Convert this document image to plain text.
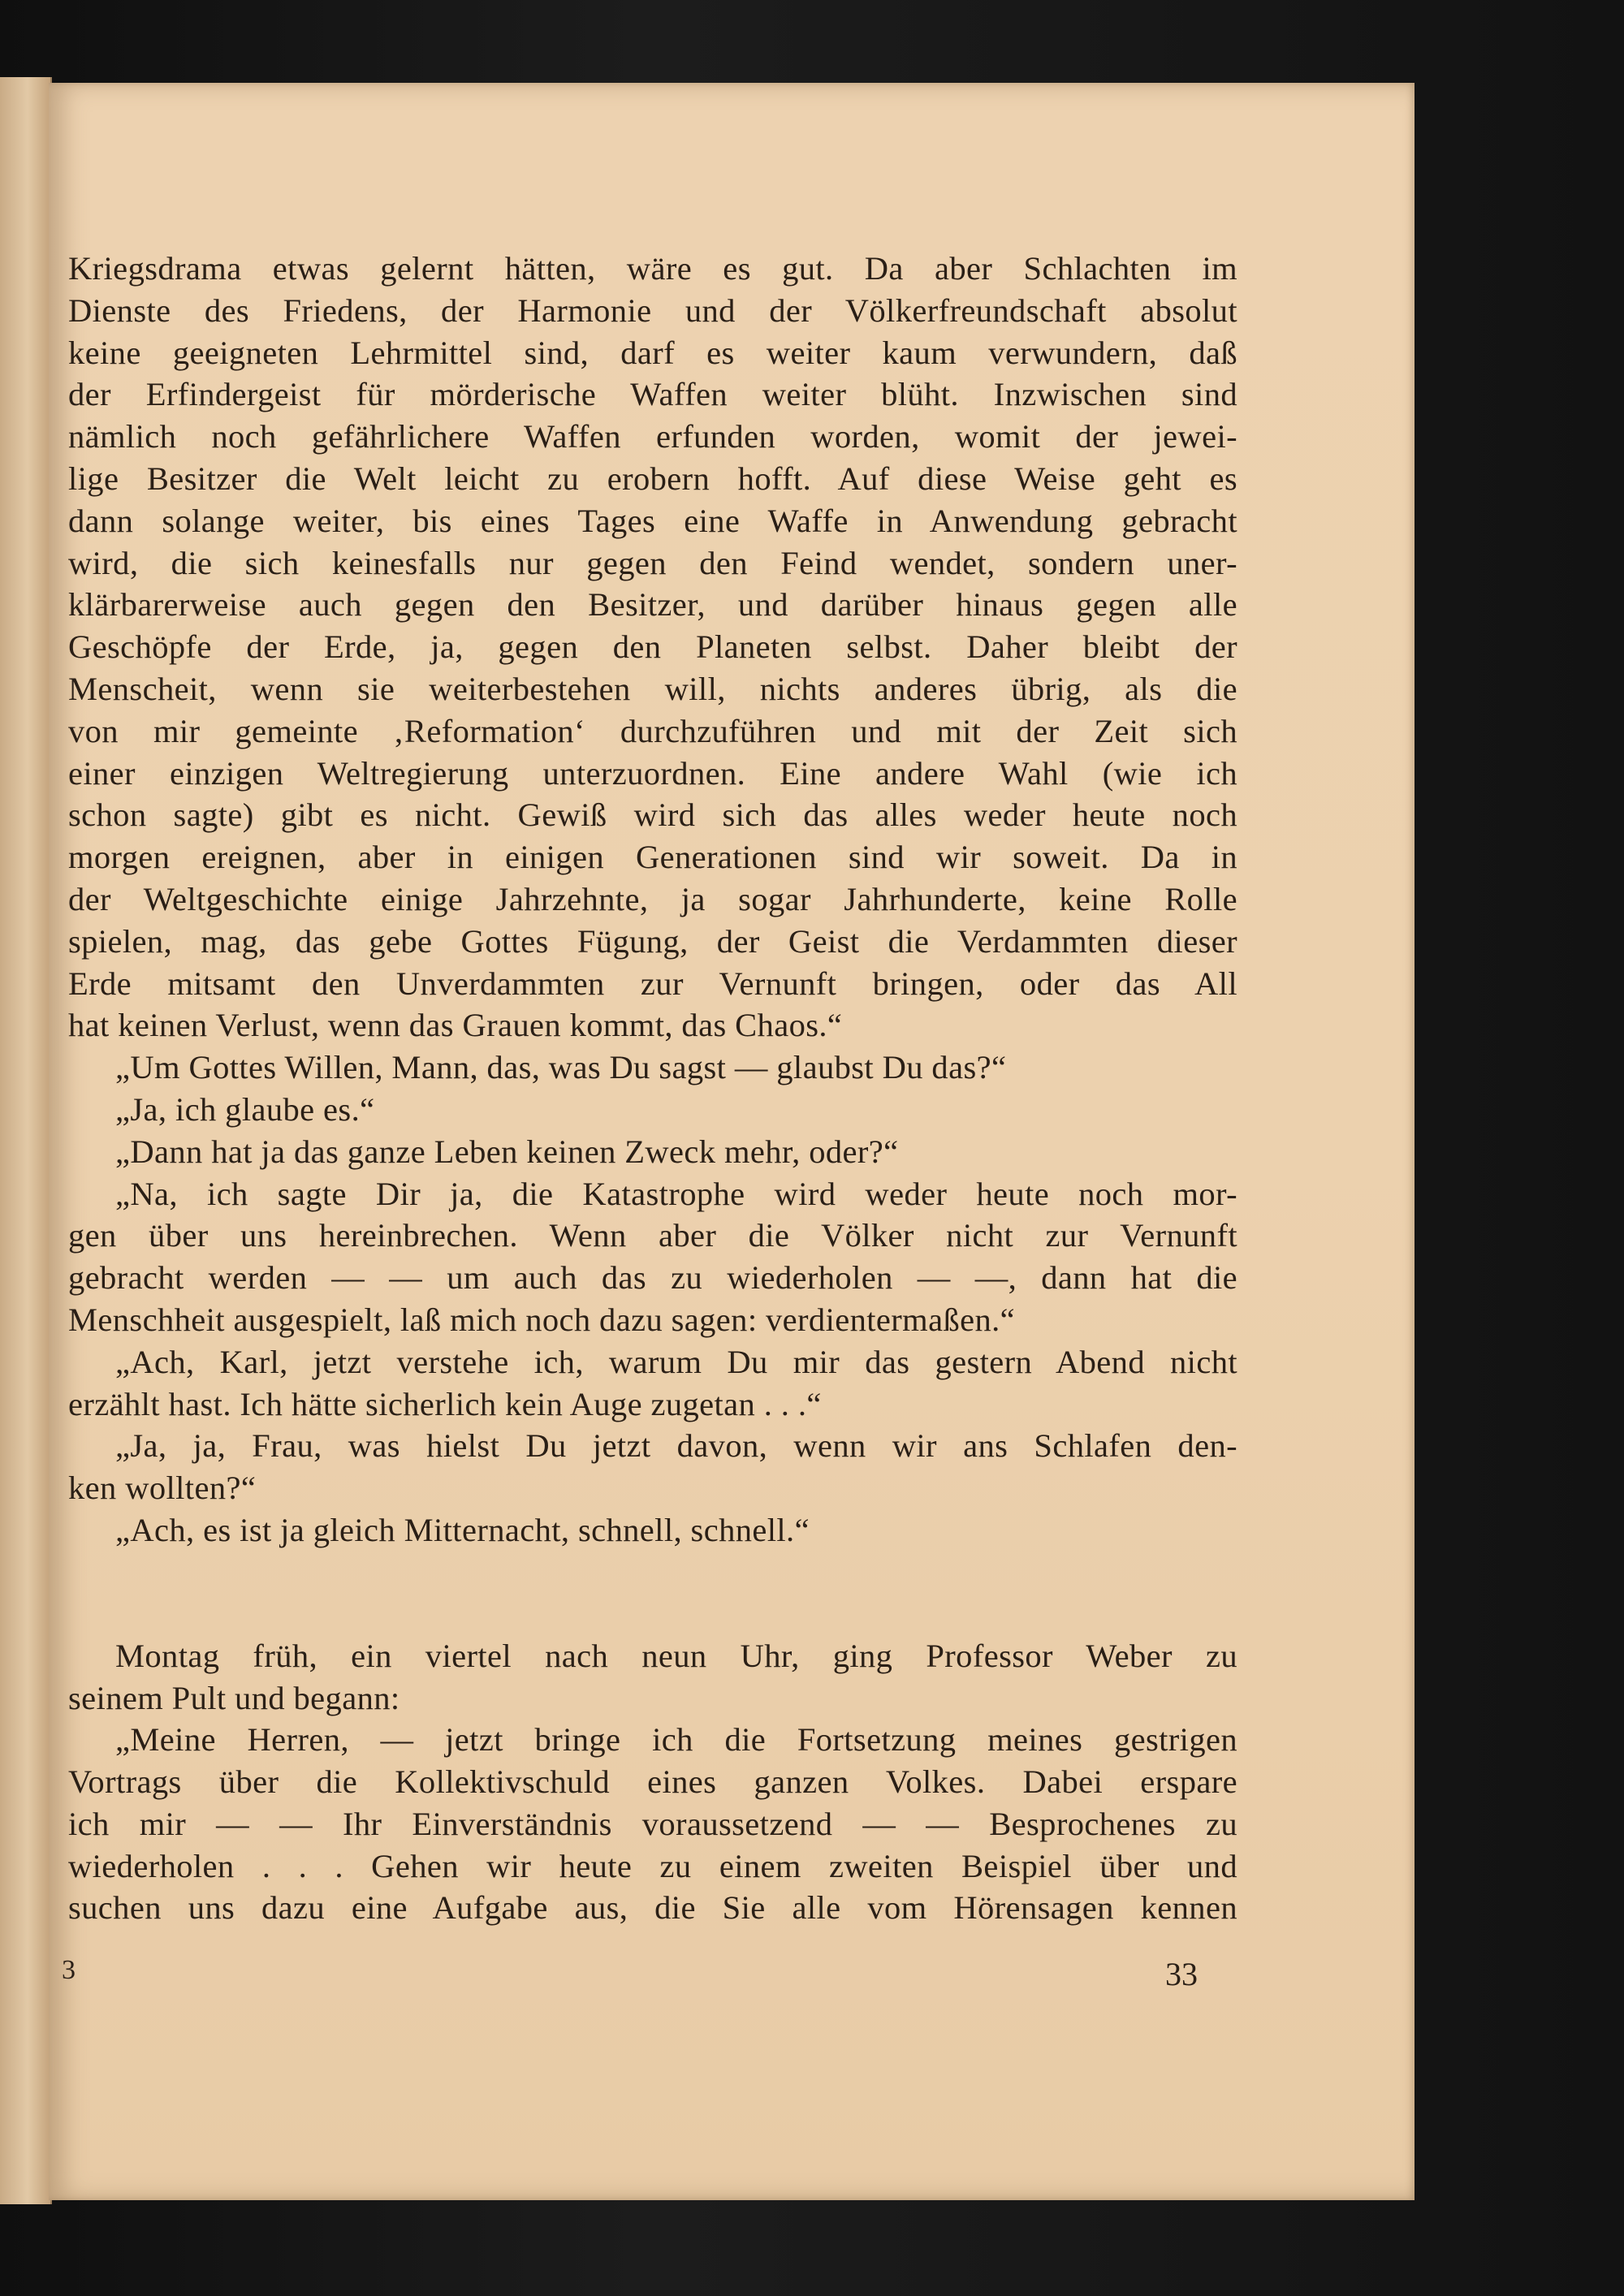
Kriegsdrama etwas gelernt hätten, wäre es gut. Da aber Schlachten im
Dienste des Friedens, der Harmonie und der Völkerfreundschaft absolut
keine geeigneten Lehrmittel sind, darf es weiter kaum verwundern, daß
der Erfindergeist für mörderische Waffen weiter blüht. Inzwischen sind
nämlich noch gefährlichere Waffen erfunden worden, womit der jewei-
lige Besitzer die Welt leicht zu erobern hofft. Auf diese Weise geht es
dann solange weiter, bis eines Tages eine Waffe in Anwendung gebracht
wird, die sich keinesfalls nur gegen den Feind wendet, sondern uner-
klärbarerweise auch gegen den Besitzer, und darüber hinaus gegen alle
Geschöpfe der Erde, ja, gegen den Planeten selbst. Daher bleibt der
Menscheit, wenn sie weiterbestehen will, nichts anderes übrig, als die
von mir gemeinte ‚Reformation‘ durchzuführen und mit der Zeit sich
einer einzigen Weltregierung unterzuordnen. Eine andere Wahl (wie ich
schon sagte) gibt es nicht. Gewiß wird sich das alles weder heute noch
morgen ereignen, aber in einigen Generationen sind wir soweit. Da in
der Weltgeschichte einige Jahrzehnte, ja sogar Jahrhunderte, keine Rolle
spielen, mag, das gebe Gottes Fügung, der Geist die Verdammten dieser
Erde mitsamt den Unverdammten zur Vernunft bringen, oder das All
hat keinen Verlust, wenn das Grauen kommt, das Chaos.“
„Um Gottes Willen, Mann, das, was Du sagst — glaubst Du das?“
„Ja, ich glaube es.“
„Dann hat ja das ganze Leben keinen Zweck mehr, oder?“
„Na, ich sagte Dir ja, die Katastrophe wird weder heute noch mor-
gen über uns hereinbrechen. Wenn aber die Völker nicht zur Vernunft
gebracht werden — — um auch das zu wiederholen — —, dann hat die
Menschheit ausgespielt, laß mich noch dazu sagen: verdientermaßen.“
„Ach, Karl, jetzt verstehe ich, warum Du mir das gestern Abend nicht
erzählt hast. Ich hätte sicherlich kein Auge zugetan . . .“
„Ja, ja, Frau, was hielst Du jetzt davon, wenn wir ans Schlafen den-
ken wollten?“
„Ach, es ist ja gleich Mitternacht, schnell, schnell.“
Montag früh, ein viertel nach neun Uhr, ging Professor Weber zu
seinem Pult und begann:
„Meine Herren, — jetzt bringe ich die Fortsetzung meines gestrigen
Vortrags über die Kollektivschuld eines ganzen Volkes. Dabei erspare
ich mir — — Ihr Einverständnis voraussetzend — — Besprochenes zu
wiederholen . . . Gehen wir heute zu einem zweiten Beispiel über und
suchen uns dazu eine Aufgabe aus, die Sie alle vom Hörensagen kennen
3	33
